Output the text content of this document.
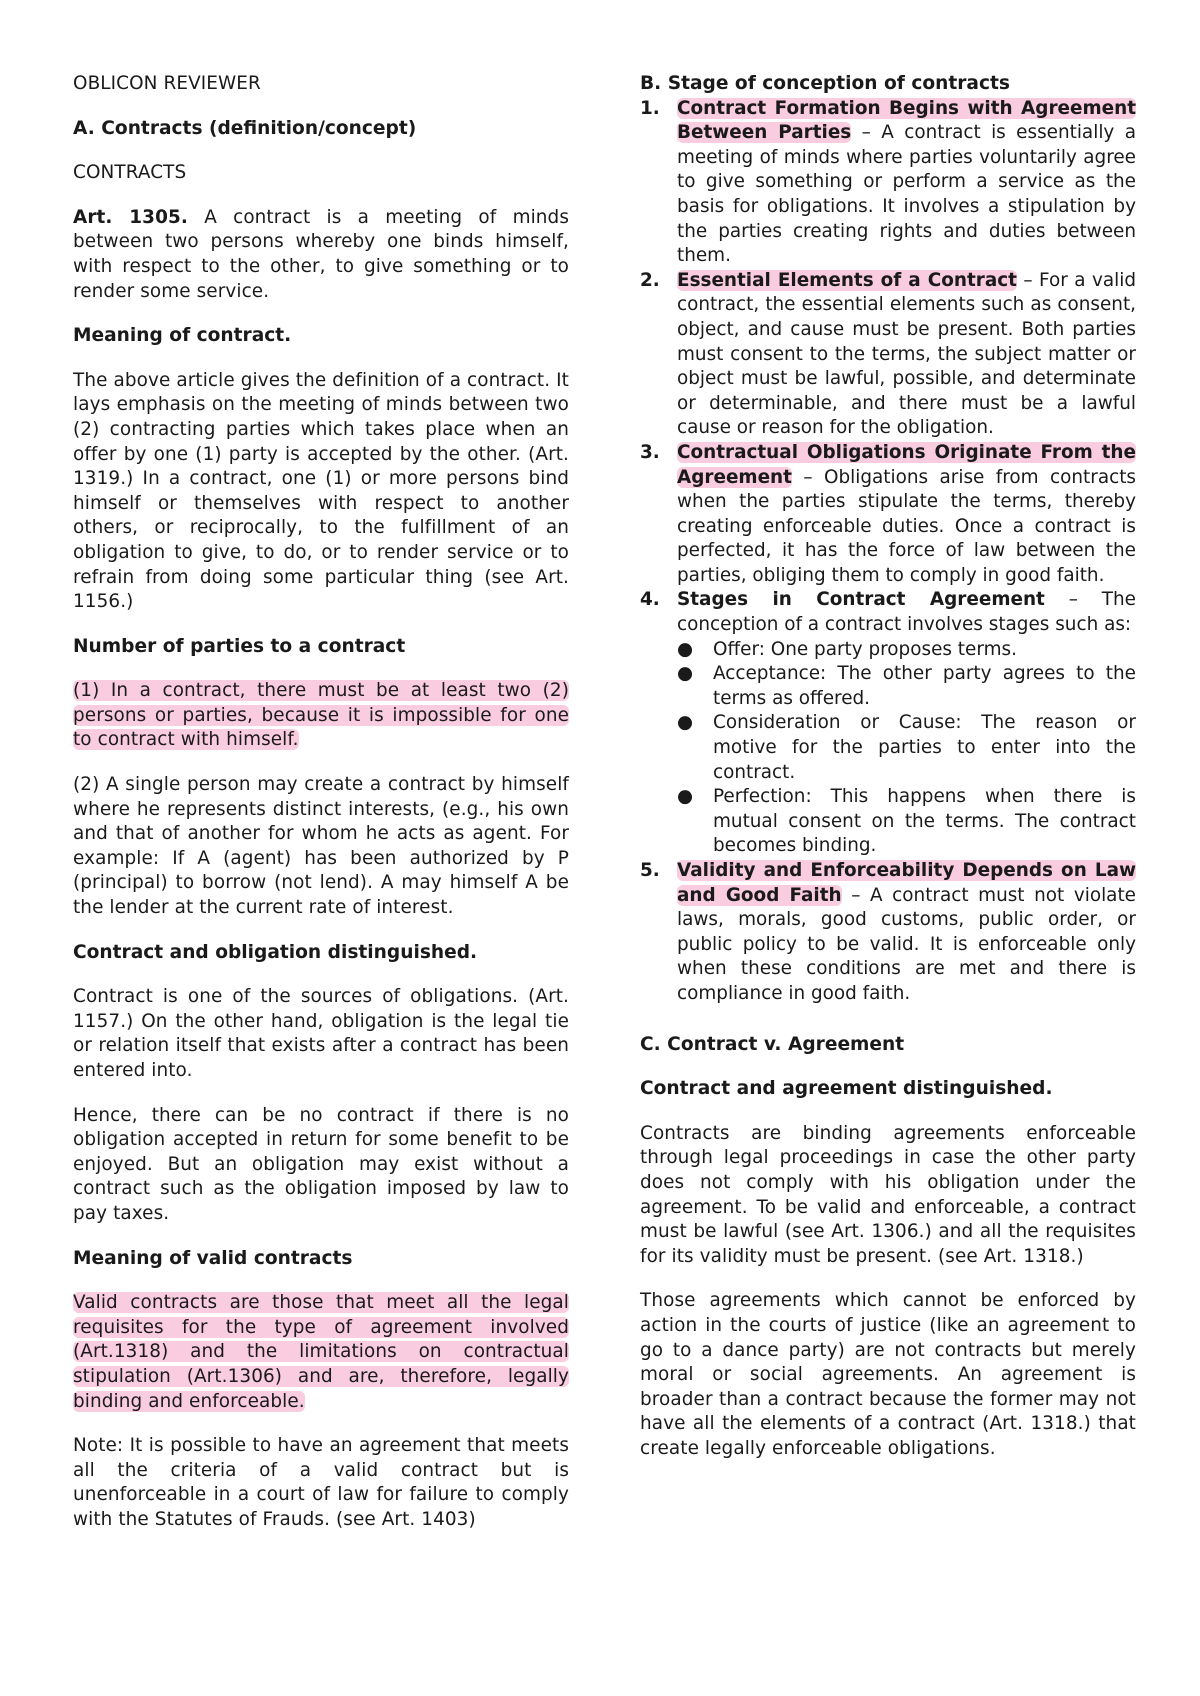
OBLICON REVIEWER

A. Contracts (definition/concept)

CONTRACTS

Art. 1305. A contract is a meeting of minds between two persons whereby one binds himself, with respect to the other, to give something or to render some service.

Meaning of contract.

The above article gives the definition of a contract. It lays emphasis on the meeting of minds between two (2) contracting parties which takes place when an offer by one (1) party is accepted by the other. (Art. 1319.) In a contract, one (1) or more persons bind himself or themselves with respect to another others, or reciprocally, to the fulfillment of an obligation to give, to do, or to render service or to refrain from doing some particular thing (see Art. 1156.)

Number of parties to a contract

(1) In a contract, there must be at least two (2) persons or parties, because it is impossible for one to contract with himself.

(2) A single person may create a contract by himself where he represents distinct interests, (e.g., his own and that of another for whom he acts as agent. For example: If A (agent) has been authorized by P (principal) to borrow (not lend). A may himself A be the lender at the current rate of interest.

Contract and obligation distinguished.

Contract is one of the sources of obligations. (Art. 1157.) On the other hand, obligation is the legal tie or relation itself that exists after a contract has been entered into.

Hence, there can be no contract if there is no obligation accepted in return for some benefit to be enjoyed. But an obligation may exist without a contract such as the obligation imposed by law to pay taxes.

Meaning of valid contracts

Valid contracts are those that meet all the legal requisites for the type of agreement involved (Art.1318) and the limitations on contractual stipulation (Art.1306) and are, therefore, legally binding and enforceable.

Note: It is possible to have an agreement that meets all the criteria of a valid contract but is unenforceable in a court of law for failure to comply with the Statutes of Frauds. (see Art. 1403)

B. Stage of conception of contracts

1. Contract Formation Begins with Agreement Between Parties – A contract is essentially a meeting of minds where parties voluntarily agree to give something or perform a service as the basis for obligations. It involves a stipulation by the parties creating rights and duties between them.
2. Essential Elements of a Contract – For a valid contract, the essential elements such as consent, object, and cause must be present. Both parties must consent to the terms, the subject matter or object must be lawful, possible, and determinate or determinable, and there must be a lawful cause or reason for the obligation.
3. Contractual Obligations Originate From the Agreement – Obligations arise from contracts when the parties stipulate the terms, thereby creating enforceable duties. Once a contract is perfected, it has the force of law between the parties, obliging them to comply in good faith.
4. Stages in Contract Agreement – The conception of a contract involves stages such as:
● Offer: One party proposes terms.
● Acceptance: The other party agrees to the terms as offered.
● Consideration or Cause: The reason or motive for the parties to enter into the contract.
● Perfection: This happens when there is mutual consent on the terms. The contract becomes binding.
5. Validity and Enforceability Depends on Law and Good Faith – A contract must not violate laws, morals, good customs, public order, or public policy to be valid. It is enforceable only when these conditions are met and there is compliance in good faith.

C. Contract v. Agreement

Contract and agreement distinguished.

Contracts are binding agreements enforceable through legal proceedings in case the other party does not comply with his obligation under the agreement. To be valid and enforceable, a contract must be lawful (see Art. 1306.) and all the requisites for its validity must be present. (see Art. 1318.)

Those agreements which cannot be enforced by action in the courts of justice (like an agreement to go to a dance party) are not contracts but merely moral or social agreements. An agreement is broader than a contract because the former may not have all the elements of a contract (Art. 1318.) that create legally enforceable obligations.
